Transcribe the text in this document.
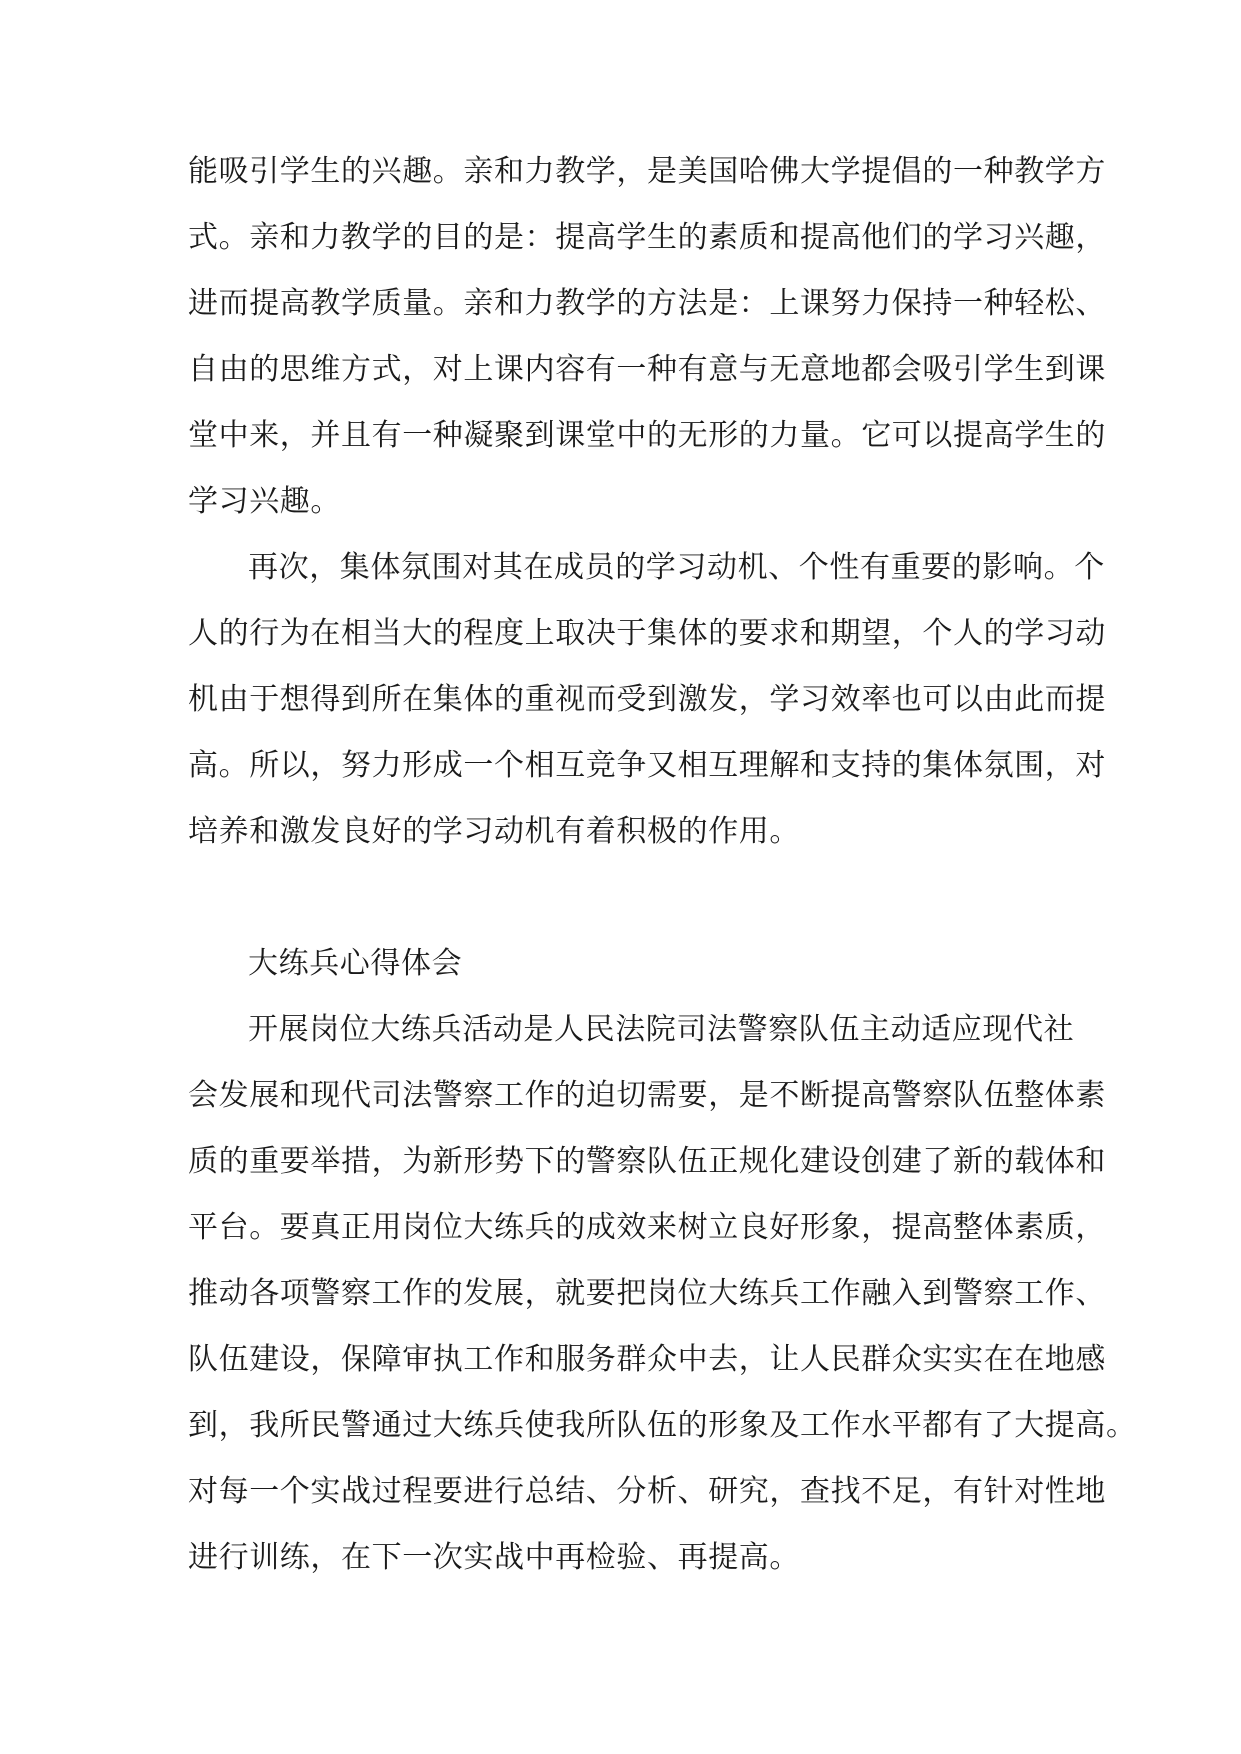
能吸引学生的兴趣。亲和力教学，是美国哈佛大学提倡的一种教学方
式。亲和力教学的目的是：提高学生的素质和提高他们的学习兴趣，
进而提高教学质量。亲和力教学的方法是：上课努力保持一种轻松、
自由的思维方式，对上课内容有一种有意与无意地都会吸引学生到课
堂中来，并且有一种凝聚到课堂中的无形的力量。它可以提高学生的
学习兴趣。
再次，集体氛围对其在成员的学习动机、个性有重要的影响。个
人的行为在相当大的程度上取决于集体的要求和期望，个人的学习动
机由于想得到所在集体的重视而受到激发，学习效率也可以由此而提
高。所以，努力形成一个相互竞争又相互理解和支持的集体氛围，对
培养和激发良好的学习动机有着积极的作用。
大练兵心得体会
开展岗位大练兵活动是人民法院司法警察队伍主动适应现代社
会发展和现代司法警察工作的迫切需要，是不断提高警察队伍整体素
质的重要举措，为新形势下的警察队伍正规化建设创建了新的载体和
平台。要真正用岗位大练兵的成效来树立良好形象，提高整体素质，
推动各项警察工作的发展，就要把岗位大练兵工作融入到警察工作、
队伍建设，保障审执工作和服务群众中去，让人民群众实实在在地感
到，我所民警通过大练兵使我所队伍的形象及工作水平都有了大提高。
对每一个实战过程要进行总结、分析、研究，查找不足，有针对性地
进行训练，在下一次实战中再检验、再提高。
